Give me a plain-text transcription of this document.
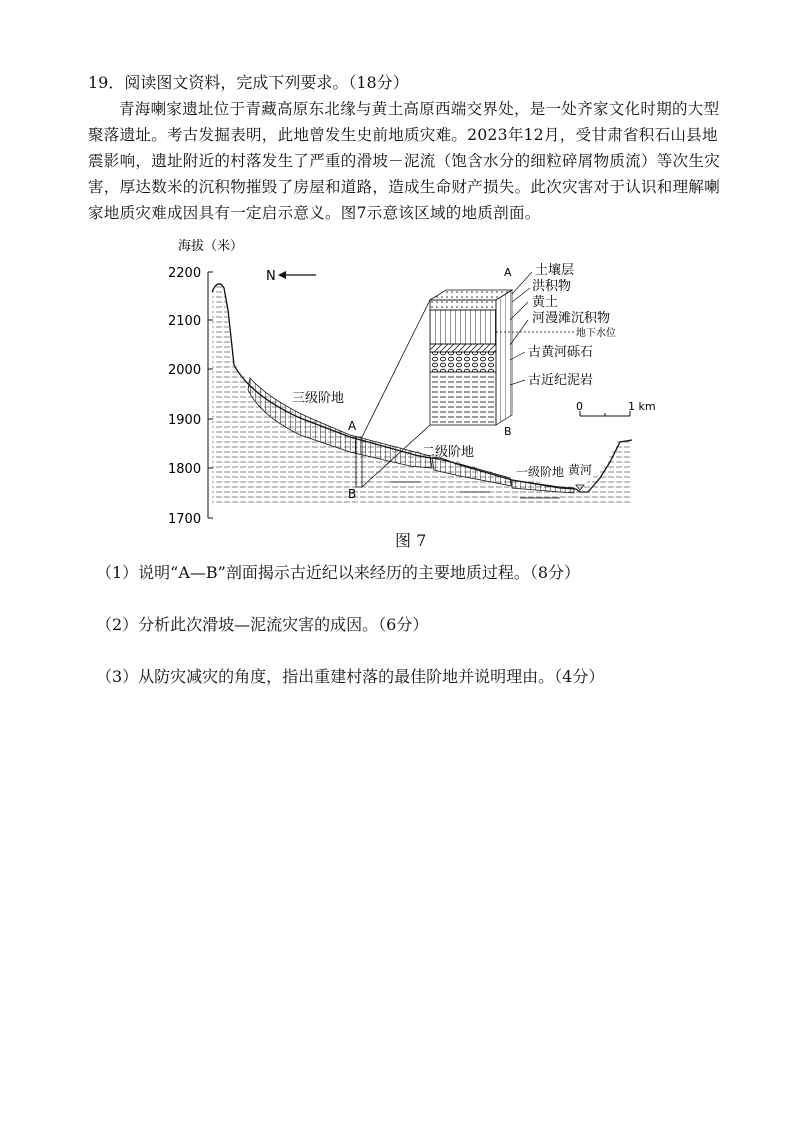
19．阅读图文资料，完成下列要求。（18分）
青海喇家遗址位于青藏高原东北缘与黄土高原西端交界处，是一处齐家文化时期的大型聚落遗址。考古发掘表明，此地曾发生史前地质灾难。2023年12月，受甘肃省积石山县地震影响，遗址附近的村落发生了严重的滑坡－泥流（饱含水分的细粒碎屑物质流）等次生灾害，厚达数米的沉积物摧毁了房屋和道路，造成生命财产损失。此次灾害对于认识和理解喇家地质灾难成因具有一定启示意义。图7示意该区域的地质剖面。
海拔（米）
2200
2100
2000
1900
1800
1700
N
A
B
A
B
土壤层
洪积物
黄土
河漫滩沉积物
地下水位
古黄河砾石
古近纪泥岩
三级阶地
二级阶地
一级阶地 黄河
0	1 km
图 7
（1）说明“A—B”剖面揭示古近纪以来经历的主要地质过程。（8分）
（2）分析此次滑坡—泥流灾害的成因。（6分）
（3）从防灾减灾的角度，指出重建村落的最佳阶地并说明理由。（4分）
